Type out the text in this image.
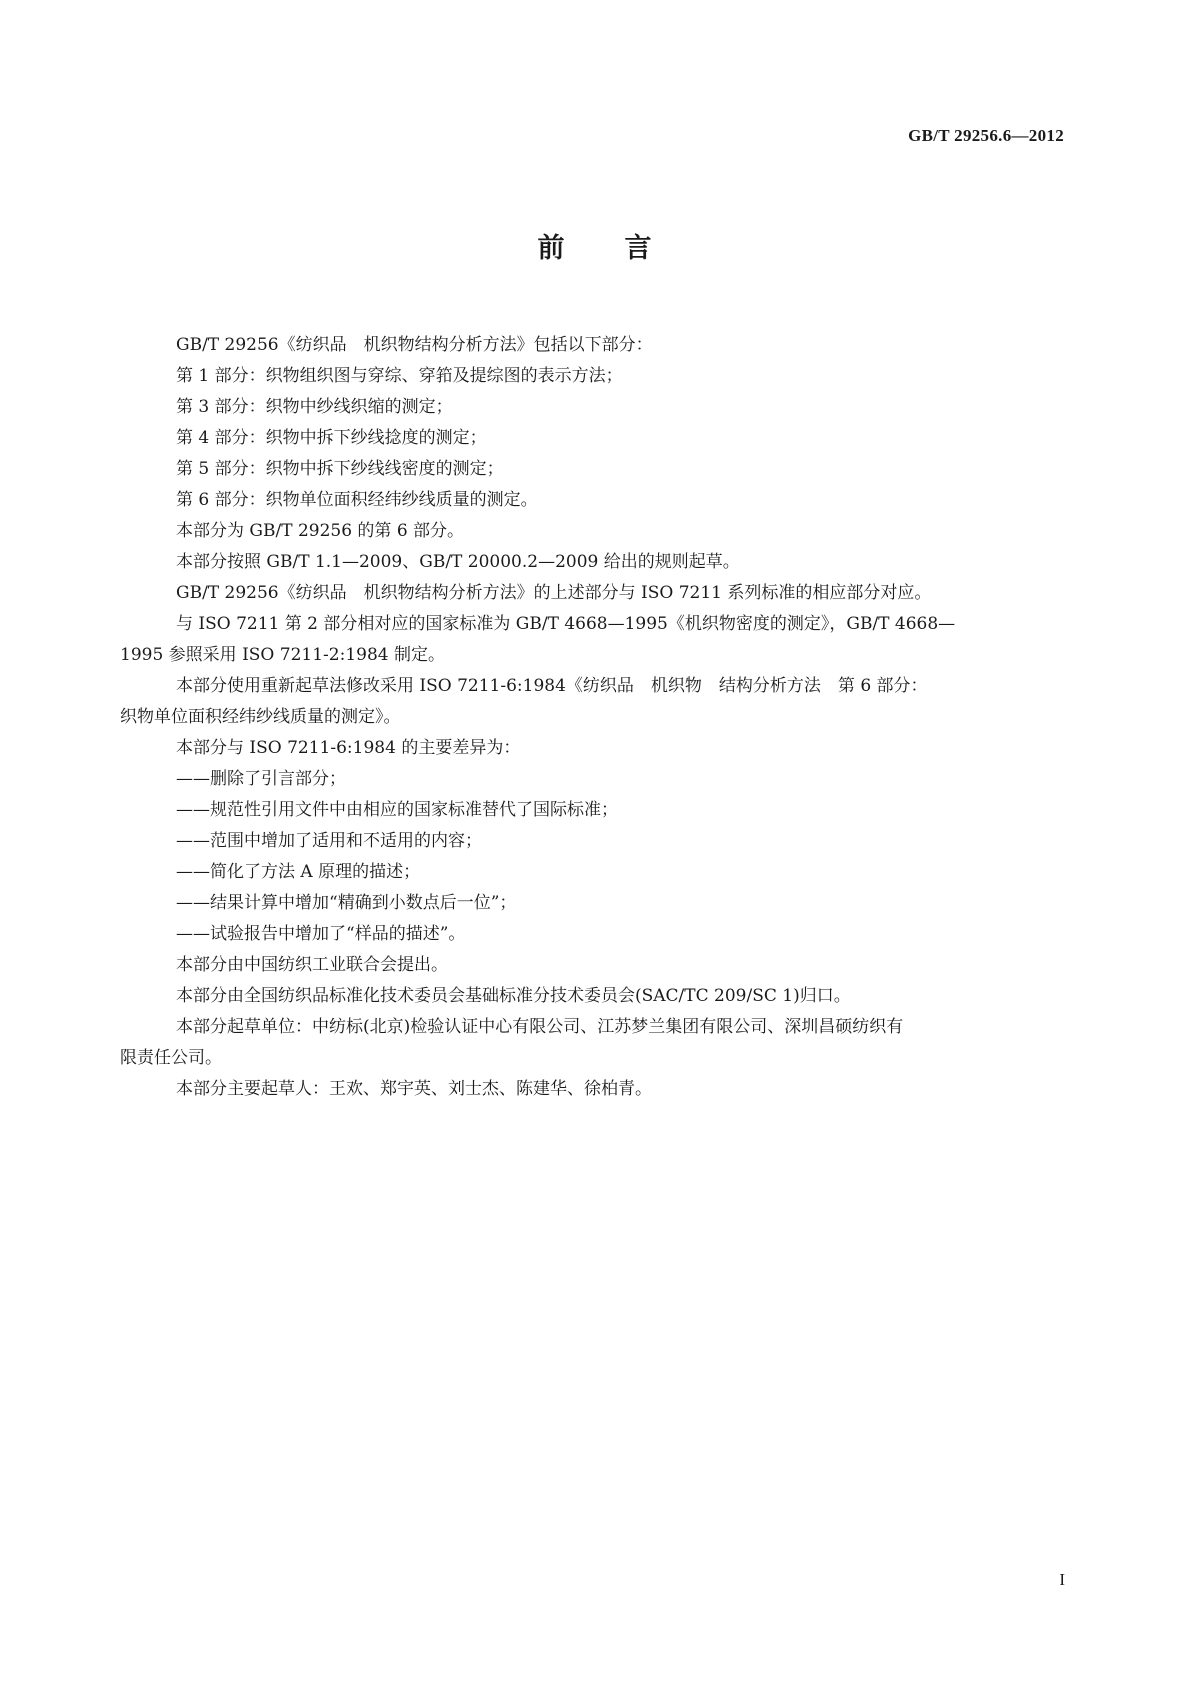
GB/T 29256.6—2012
前　　言

GB/T 29256《纺织品　机织物结构分析方法》包括以下部分：

第 1 部分：织物组织图与穿综、穿筘及提综图的表示方法；

第 3 部分：织物中纱线织缩的测定；

第 4 部分：织物中拆下纱线捻度的测定；

第 5 部分：织物中拆下纱线线密度的测定；

第 6 部分：织物单位面积经纬纱线质量的测定。

本部分为 GB/T 29256 的第 6 部分。

本部分按照 GB/T 1.1—2009、GB/T 20000.2—2009 给出的规则起草。

GB/T 29256《纺织品　机织物结构分析方法》的上述部分与 ISO 7211 系列标准的相应部分对应。

与 ISO 7211 第 2 部分相对应的国家标准为 GB/T 4668—1995《机织物密度的测定》，GB/T 4668—

1995 参照采用 ISO 7211-2:1984 制定。

本部分使用重新起草法修改采用 ISO 7211-6:1984《纺织品　机织物　结构分析方法　第 6 部分：

织物单位面积经纬纱线质量的测定》。

本部分与 ISO 7211-6:1984 的主要差异为：

——删除了引言部分；

——规范性引用文件中由相应的国家标准替代了国际标准；

——范围中增加了适用和不适用的内容；

——简化了方法 A 原理的描述；

——结果计算中增加“精确到小数点后一位”；

——试验报告中增加了“样品的描述”。

本部分由中国纺织工业联合会提出。

本部分由全国纺织品标准化技术委员会基础标准分技术委员会(SAC/TC 209/SC 1)归口。

本部分起草单位：中纺标(北京)检验认证中心有限公司、江苏梦兰集团有限公司、深圳昌硕纺织有

限责任公司。

本部分主要起草人：王欢、郑宇英、刘士杰、陈建华、徐柏青。

I
